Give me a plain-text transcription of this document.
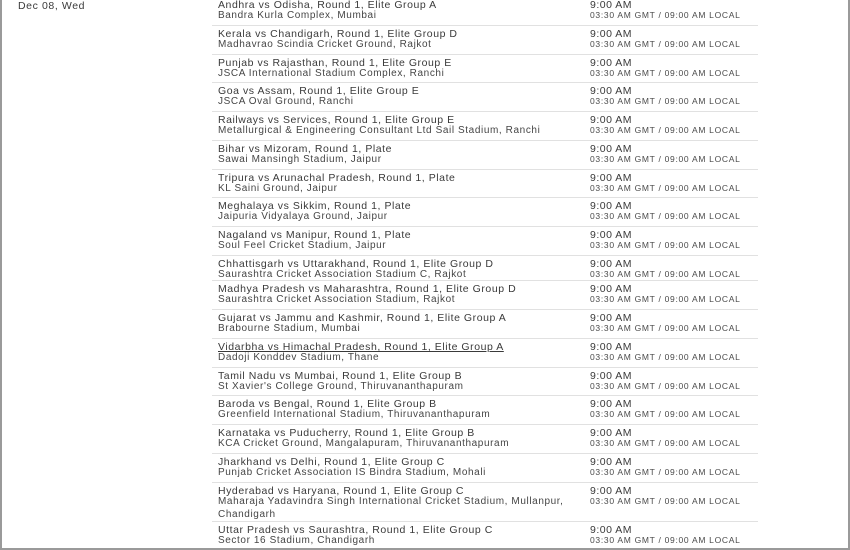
Dec 08, Wed	Andhra vs Odisha, Round 1, Elite Group A
Bandra Kurla Complex, Mumbai
9:00 AM
03:30 AM GMT / 09:00 AM LOCAL
Kerala vs Chandigarh, Round 1, Elite Group D
Madhavrao Scindia Cricket Ground, Rajkot
9:00 AM
03:30 AM GMT / 09:00 AM LOCAL
Punjab vs Rajasthan, Round 1, Elite Group E
JSCA International Stadium Complex, Ranchi
9:00 AM
03:30 AM GMT / 09:00 AM LOCAL
Goa vs Assam, Round 1, Elite Group E
JSCA Oval Ground, Ranchi
9:00 AM
03:30 AM GMT / 09:00 AM LOCAL
Railways vs Services, Round 1, Elite Group E
Metallurgical & Engineering Consultant Ltd Sail Stadium, Ranchi
9:00 AM
03:30 AM GMT / 09:00 AM LOCAL
Bihar vs Mizoram, Round 1, Plate
Sawai Mansingh Stadium, Jaipur
9:00 AM
03:30 AM GMT / 09:00 AM LOCAL
Tripura vs Arunachal Pradesh, Round 1, Plate
KL Saini Ground, Jaipur
9:00 AM
03:30 AM GMT / 09:00 AM LOCAL
Meghalaya vs Sikkim, Round 1, Plate
Jaipuria Vidyalaya Ground, Jaipur
9:00 AM
03:30 AM GMT / 09:00 AM LOCAL
Nagaland vs Manipur, Round 1, Plate
Soul Feel Cricket Stadium, Jaipur
9:00 AM
03:30 AM GMT / 09:00 AM LOCAL
Chhattisgarh vs Uttarakhand, Round 1, Elite Group D
Saurashtra Cricket Association Stadium C, Rajkot
9:00 AM
03:30 AM GMT / 09:00 AM LOCAL
Madhya Pradesh vs Maharashtra, Round 1, Elite Group D
Saurashtra Cricket Association Stadium, Rajkot
9:00 AM
03:30 AM GMT / 09:00 AM LOCAL
Gujarat vs Jammu and Kashmir, Round 1, Elite Group A
Brabourne Stadium, Mumbai
9:00 AM
03:30 AM GMT / 09:00 AM LOCAL
Vidarbha vs Himachal Pradesh, Round 1, Elite Group A
Dadoji Konddev Stadium, Thane
9:00 AM
03:30 AM GMT / 09:00 AM LOCAL
Tamil Nadu vs Mumbai, Round 1, Elite Group B
St Xavier's College Ground, Thiruvananthapuram
9:00 AM
03:30 AM GMT / 09:00 AM LOCAL
Baroda vs Bengal, Round 1, Elite Group B
Greenfield International Stadium, Thiruvananthapuram
9:00 AM
03:30 AM GMT / 09:00 AM LOCAL
Karnataka vs Puducherry, Round 1, Elite Group B
KCA Cricket Ground, Mangalapuram, Thiruvananthapuram
9:00 AM
03:30 AM GMT / 09:00 AM LOCAL
Jharkhand vs Delhi, Round 1, Elite Group C
Punjab Cricket Association IS Bindra Stadium, Mohali
9:00 AM
03:30 AM GMT / 09:00 AM LOCAL
Hyderabad vs Haryana, Round 1, Elite Group C
Maharaja Yadavindra Singh International Cricket Stadium, Mullanpur, Chandigarh
9:00 AM
03:30 AM GMT / 09:00 AM LOCAL
Uttar Pradesh vs Saurashtra, Round 1, Elite Group C
Sector 16 Stadium, Chandigarh
9:00 AM
03:30 AM GMT / 09:00 AM LOCAL
